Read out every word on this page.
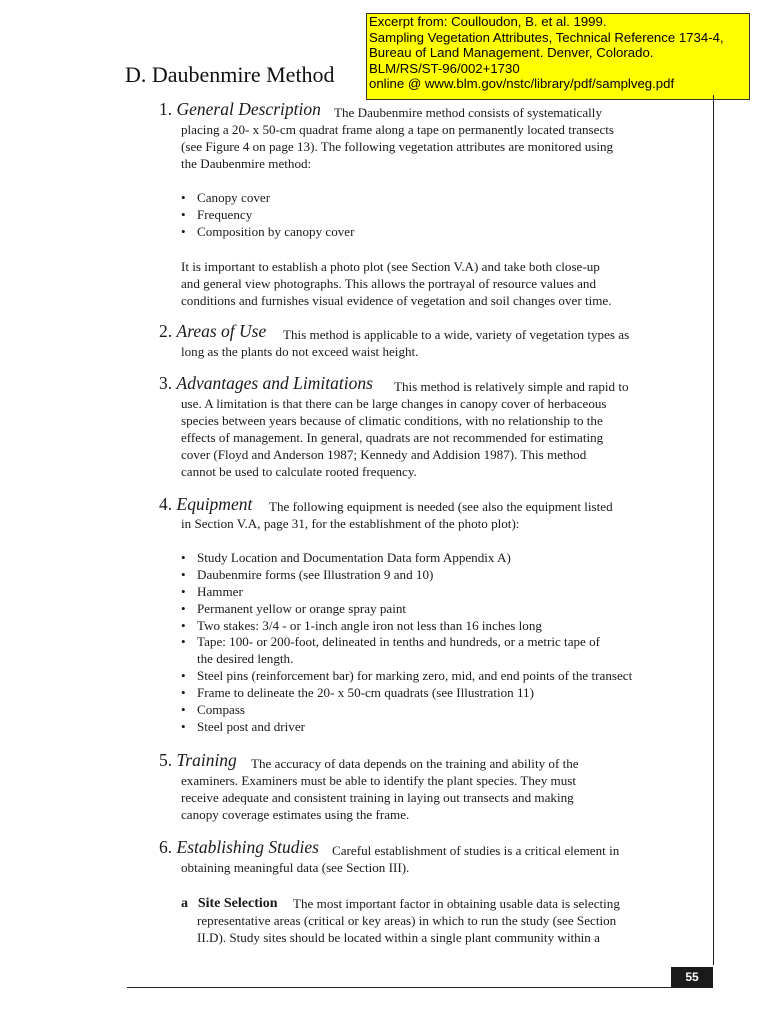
Excerpt from: Coulloudon, B. et al. 1999.
Sampling Vegetation Attributes, Technical Reference 1734-4,
Bureau of Land Management. Denver, Colorado.
BLM/RS/ST-96/002+1730
online @ www.blm.gov/nstc/library/pdf/samplveg.pdf
D. Daubenmire Method
1. General Description The Daubenmire method consists of systematically
placing a 20- x 50-cm quadrat frame along a tape on permanently located transects
(see Figure 4 on page 13). The following vegetation attributes are monitored using
the Daubenmire method:
• Canopy cover
• Frequency
• Composition by canopy cover
It is important to establish a photo plot (see Section V.A) and take both close-up
and general view photographs. This allows the portrayal of resource values and
conditions and furnishes visual evidence of vegetation and soil changes over time.
2. Areas of Use This method is applicable to a wide, variety of vegetation types as
long as the plants do not exceed waist height.
3. Advantages and Limitations This method is relatively simple and rapid to
use. A limitation is that there can be large changes in canopy cover of herbaceous
species between years because of climatic conditions, with no relationship to the
effects of management. In general, quadrats are not recommended for estimating
cover (Floyd and Anderson 1987; Kennedy and Addision 1987). This method
cannot be used to calculate rooted frequency.
4. Equipment The following equipment is needed (see also the equipment listed
in Section V.A, page 31, for the establishment of the photo plot):
• Study Location and Documentation Data form Appendix A)
• Daubenmire forms (see Illustration 9 and 10)
• Hammer
• Permanent yellow or orange spray paint
• Two stakes: 3/4 - or 1-inch angle iron not less than 16 inches long
• Tape: 100- or 200-foot, delineated in tenths and hundreds, or a metric tape of
the desired length.
• Steel pins (reinforcement bar) for marking zero, mid, and end points of the transect
• Frame to delineate the 20- x 50-cm quadrats (see Illustration 11)
• Compass
• Steel post and driver
5. Training The accuracy of data depends on the training and ability of the
examiners. Examiners must be able to identify the plant species. They must
receive adequate and consistent training in laying out transects and making
canopy coverage estimates using the frame.
6. Establishing Studies Careful establishment of studies is a critical element in
obtaining meaningful data (see Section III).
a Site Selection The most important factor in obtaining usable data is selecting
representative areas (critical or key areas) in which to run the study (see Section
II.D). Study sites should be located within a single plant community within a
55
